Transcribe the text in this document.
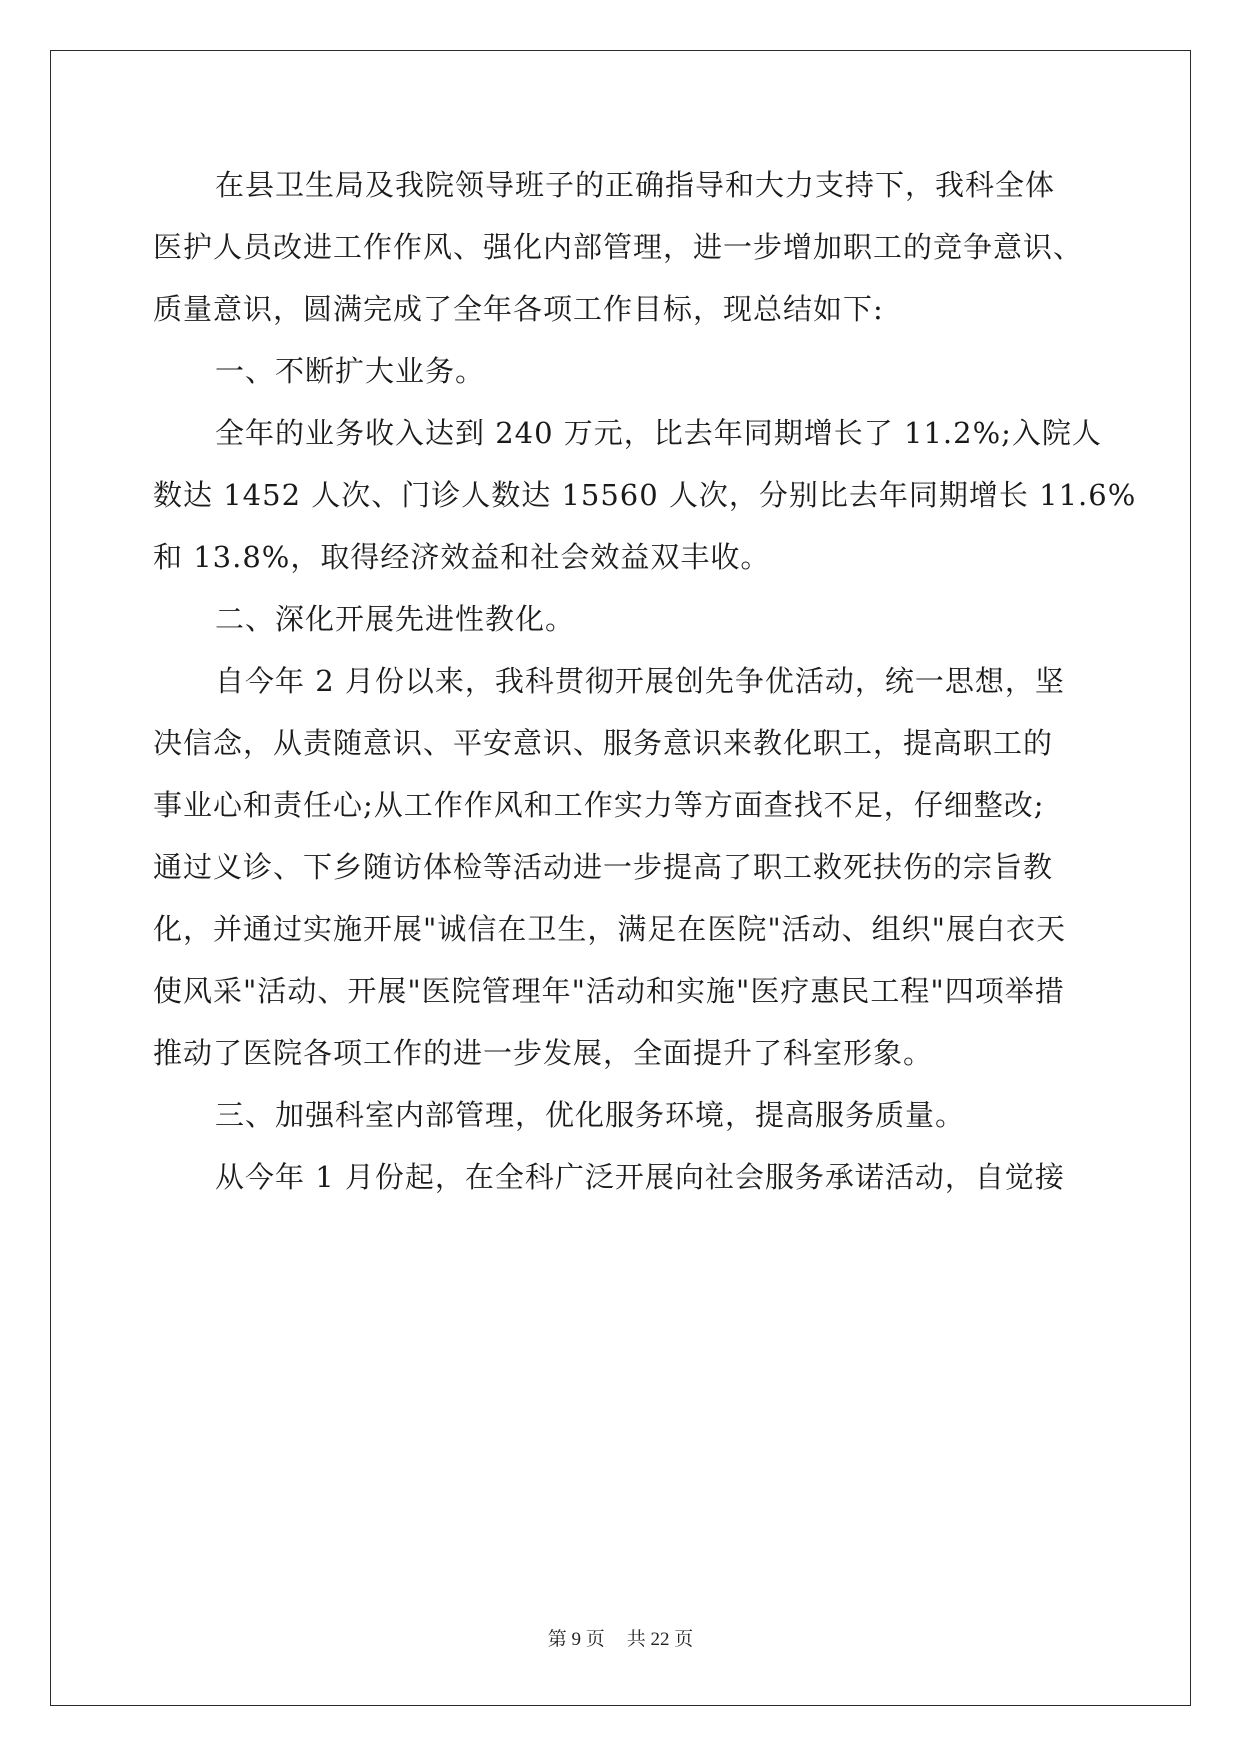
在县卫生局及我院领导班子的正确指导和大力支持下，我科全体
医护人员改进工作作风、强化内部管理，进一步增加职工的竞争意识、
质量意识，圆满完成了全年各项工作目标，现总结如下:
一、不断扩大业务。
全年的业务收入达到 240 万元，比去年同期增长了 11.2%;入院人
数达 1452 人次、门诊人数达 15560 人次，分别比去年同期增长 11.6%
和 13.8%，取得经济效益和社会效益双丰收。
二、深化开展先进性教化。
自今年 2 月份以来，我科贯彻开展创先争优活动，统一思想，坚
决信念，从责随意识、平安意识、服务意识来教化职工，提高职工的
事业心和责任心;从工作作风和工作实力等方面查找不足，仔细整改;
通过义诊、下乡随访体检等活动进一步提高了职工救死扶伤的宗旨教
化，并通过实施开展"诚信在卫生，满足在医院"活动、组织"展白衣天
使风采"活动、开展"医院管理年"活动和实施"医疗惠民工程"四项举措
推动了医院各项工作的进一步发展，全面提升了科室形象。
三、加强科室内部管理，优化服务环境，提高服务质量。
从今年 1 月份起，在全科广泛开展向社会服务承诺活动，自觉接
第 9 页 共 22 页
